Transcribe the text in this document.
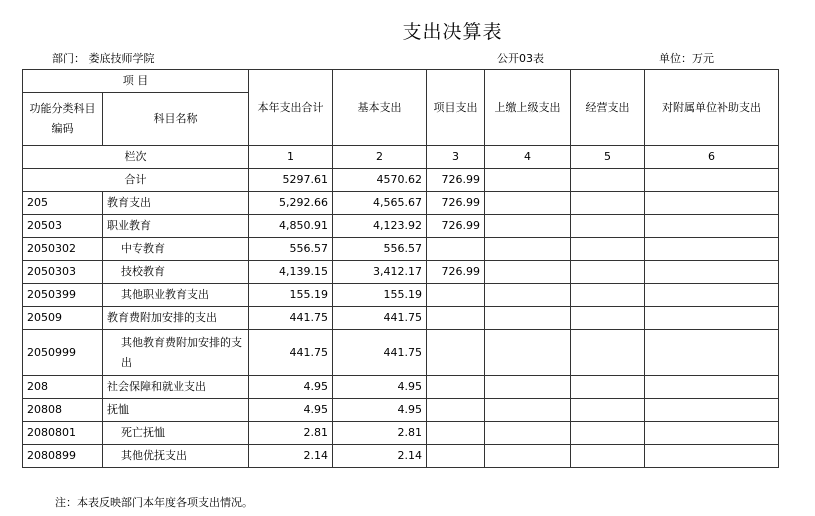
支出决算表
部门： 娄底技师学院	公开03表	单位：万元
项 目		本年支出合计	基本支出	项目支出	上缴上级支出	经营支出	对附属单位补助支出
功能分类科目编码	科目名称						
栏次		1	2	3	4	5	6
合计		5297.61	4570.62	726.99			
205	教育支出	5,292.66	4,565.67	726.99			
20503	职业教育	4,850.91	4,123.92	726.99			
2050302	中专教育	556.57	556.57				
2050303	技校教育	4,139.15	3,412.17	726.99			
2050399	其他职业教育支出	155.19	155.19				
20509	教育费附加安排的支出	441.75	441.75				
2050999	其他教育费附加安排的支出	441.75	441.75				
208	社会保障和就业支出	4.95	4.95				
20808	抚恤	4.95	4.95				
2080801	死亡抚恤	2.81	2.81				
2080899	其他优抚支出	2.14	2.14				
注：本表反映部门本年度各项支出情况。
